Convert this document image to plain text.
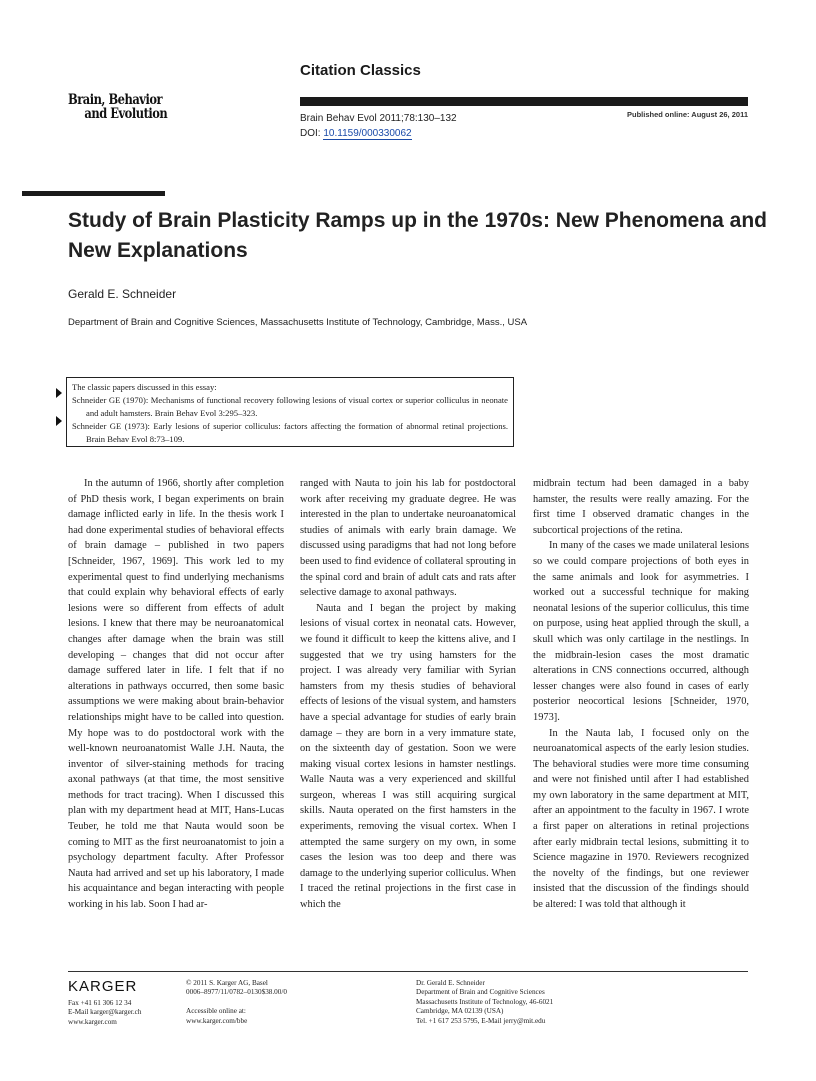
Citation Classics
Brain, Behavior
and Evolution	Brain Behav Evol 2011;78:130–132
DOI: 10.1159/000330062
Published online: August 26, 2011
Study of Brain Plasticity Ramps up in the 1970s: New Phenomena and New Explanations
Gerald E. Schneider
Department of Brain and Cognitive Sciences, Massachusetts Institute of Technology, Cambridge, Mass., USA
The classic papers discussed in this essay:
Schneider GE (1970): Mechanisms of functional recovery following lesions of visual cortex or superior colliculus in neonate and adult hamsters. Brain Behav Evol 3:295–323.
Schneider GE (1973): Early lesions of superior colliculus: factors affecting the formation of abnormal retinal projections. Brain Behav Evol 8:73–109.

In the autumn of 1966, shortly after completion of PhD thesis work, I began experiments on brain damage inflicted early in life. In the thesis work I had done experimental studies of behavioral effects of brain damage – published in two papers [Schneider, 1967, 1969]. This work led to my experimental quest to find underlying mechanisms that could explain why behavioral effects of early lesions were so different from effects of adult lesions. I knew that there may be neuroanatomical changes after damage when the brain was still developing – changes that did not occur after damage suffered later in life. I felt that if no alterations in pathways occurred, then some basic assumptions we were making about brain-behavior relationships might have to be called into question. My hope was to do postdoctoral work with the well-known neuroanatomist Walle J.H. Nauta, the inventor of silver-staining methods for tracing axonal pathways (at that time, the most sensitive methods for tract tracing). When I discussed this plan with my department head at MIT, Hans-Lucas Teuber, he told me that Nauta would soon be coming to MIT as the first neuroanatomist to join a psychology department faculty. After Professor Nauta had arrived and set up his laboratory, I made his acquaintance and began interacting with people working in his lab. Soon I had ar-

ranged with Nauta to join his lab for postdoctoral work after receiving my graduate degree. He was interested in the plan to undertake neuroanatomical studies of animals with early brain damage. We discussed using paradigms that had not long before been used to find evidence of collateral sprouting in the spinal cord and brain of adult cats and rats after selective damage to axonal pathways.

Nauta and I began the project by making lesions of visual cortex in neonatal cats. However, we found it difficult to keep the kittens alive, and I suggested that we try using hamsters for the project. I was already very familiar with Syrian hamsters from my thesis studies of behavioral effects of lesions of the visual system, and hamsters have a special advantage for studies of early brain damage – they are born in a very immature state, on the sixteenth day of gestation. Soon we were making visual cortex lesions in hamster nestlings. Walle Nauta was a very experienced and skillful surgeon, whereas I was still acquiring surgical skills. Nauta operated on the first hamsters in the experiments, removing the visual cortex. When I attempted the same surgery on my own, in some cases the lesion was too deep and there was damage to the underlying superior colliculus. When I traced the retinal projections in the first case in which the

midbrain tectum had been damaged in a baby hamster, the results were really amazing. For the first time I observed dramatic changes in the subcortical projections of the retina.

In many of the cases we made unilateral lesions so we could compare projections of both eyes in the same animals and look for asymmetries. I worked out a successful technique for making neonatal lesions of the superior colliculus, this time on purpose, using heat applied through the skull, a skull which was only cartilage in the nestlings. In the midbrain-lesion cases the most dramatic alterations in CNS connections occurred, although lesser changes were also found in cases of early posterior neocortical lesions [Schneider, 1970, 1973].

In the Nauta lab, I focused only on the neuroanatomical aspects of the early lesion studies. The behavioral studies were more time consuming and were not finished until after I had established my own laboratory in the same department at MIT, after an appointment to the faculty in 1967. I wrote a first paper on alterations in retinal projections after early midbrain tectal lesions, submitting it to Science magazine in 1970. Reviewers recognized the novelty of the findings, but one reviewer insisted that the discussion of the findings should be altered: I was told that although it

KARGER
Fax +41 61 306 12 34
E-Mail karger@karger.ch
www.karger.com
© 2011 S. Karger AG, Basel
0006–8977/11/0782–0130$38.00/0
Accessible online at:
www.karger.com/bbe
Dr. Gerald E. Schneider
Department of Brain and Cognitive Sciences
Massachusetts Institute of Technology, 46-6021
Cambridge, MA 02139 (USA)
Tel. +1 617 253 5795, E-Mail jerry@mit.edu
